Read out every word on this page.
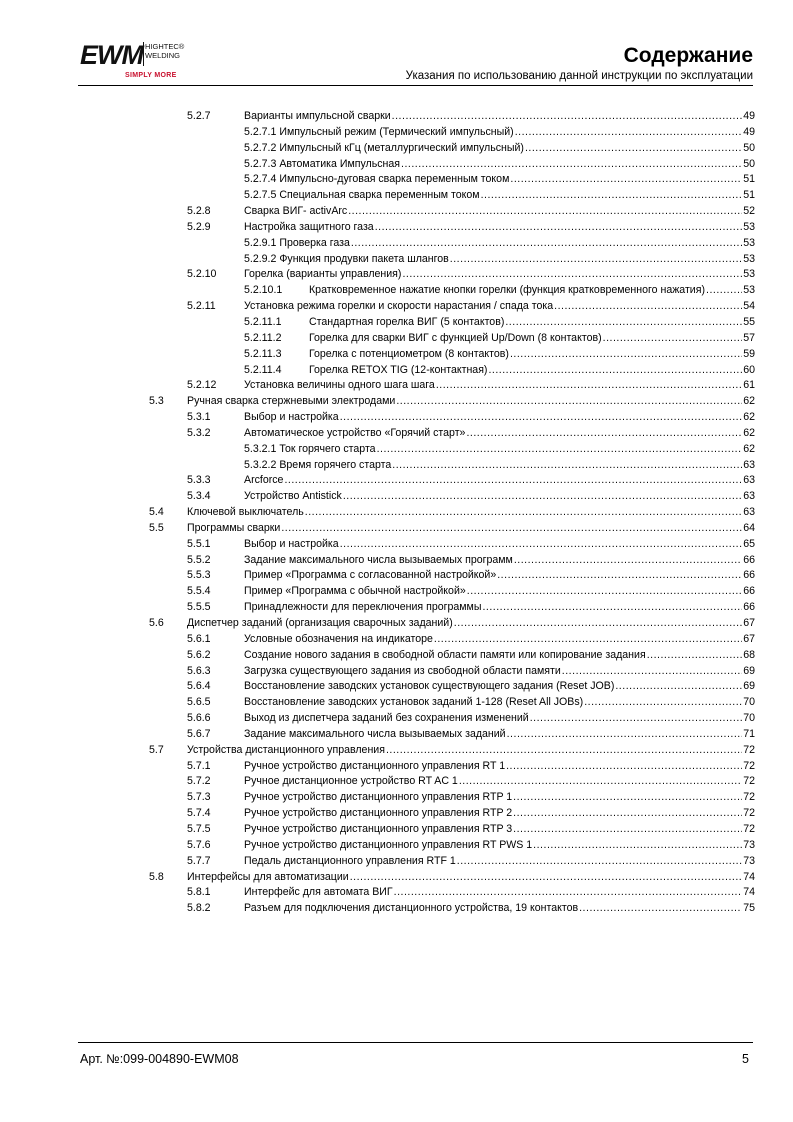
EWM HIGHTEC®
WELDING
SIMPLY MORE
Содержание
Указания по использованию данной инструкции по эксплуатации
5.2.7	Варианты импульсной сварки .....	49
5.2.7.1 Импульсный режим (Термический импульсный) .....	49
5.2.7.2 Импульсный кГц (металлургический импульсный) .....	50
5.2.7.3 Автоматика Импульсная .....	50
5.2.7.4 Импульсно-дуговая сварка переменным током .....	51
5.2.7.5 Специальная сварка переменным током .....	51
5.2.8	Сварка ВИГ- activArc .....	52
5.2.9	Настройка защитного газа .....	53
5.2.9.1 Проверка газа .....	53
5.2.9.2 Функция продувки пакета шлангов .....	53
5.2.10	Горелка (варианты управления) .....	53
5.2.10.1	Кратковременное нажатие кнопки горелки (функция кратковременного нажатия) .....	53
5.2.11	Установка режима горелки и скорости нарастания / спада тока .....	54
5.2.11.1	Стандартная горелка ВИГ (5 контактов) .....	55
5.2.11.2	Горелка для сварки ВИГ с функцией Up/Down (8 контактов) .....	57
5.2.11.3	Горелка с потенциометром (8 контактов) .....	59
5.2.11.4	Горелка RETOX TIG (12-контактная) .....	60
5.2.12	Установка величины одного шага шага .....	61
5.3 Ручная сварка стержневыми электродами .....	62
5.3.1	Выбор и настройка .....	62
5.3.2	Автоматическое устройство «Горячий старт» .....	62
5.3.2.1 Ток горячего старта .....	62
5.3.2.2 Время горячего старта .....	63
5.3.3	Arcforce .....	63
5.3.4	Устройство Antistick .....	63
5.4 Ключевой выключатель .....	63
5.5 Программы сварки .....	64
5.5.1	Выбор и настройка .....	65
5.5.2	Задание максимального числа вызываемых программ .....	66
5.5.3	Пример «Программа с согласованной настройкой» .....	66
5.5.4	Пример «Программа с обычной настройкой» .....	66
5.5.5	Принадлежности для переключения программы .....	66
5.6 Диспетчер заданий (организация сварочных заданий) .....	67
5.6.1	Условные обозначения на индикаторе .....	67
5.6.2	Создание нового задания в свободной области памяти или копирование задания .....	68
5.6.3	Загрузка существующего задания из свободной области памяти .....	69
5.6.4	Восстановление заводских установок существующего задания (Reset JOB) .....	69
5.6.5	Восстановление заводских установок заданий 1-128 (Reset All JOBs) .....	70
5.6.6	Выход из диспетчера заданий без сохранения изменений .....	70
5.6.7	Задание максимального числа вызываемых заданий .....	71
5.7 Устройства дистанционного управления .....	72
5.7.1	Ручное устройство дистанционного управления RT 1 .....	72
5.7.2	Ручное дистанционное устройство RT AC 1 .....	72
5.7.3	Ручное устройство дистанционного управления RTP 1 .....	72
5.7.4	Ручное устройство дистанционного управления RTP 2 .....	72
5.7.5	Ручное устройство дистанционного управления RTP 3 .....	72
5.7.6	Ручное устройство дистанционного управления RT PWS 1 .....	73
5.7.7	Педаль дистанционного управления RTF 1 .....	73
5.8 Интерфейсы для автоматизации .....	74
5.8.1	Интерфейс для автомата ВИГ .....	74
5.8.2	Разъем для подключения дистанционного устройства, 19 контактов .....	75
Арт. №:099-004890-EWM08	5
